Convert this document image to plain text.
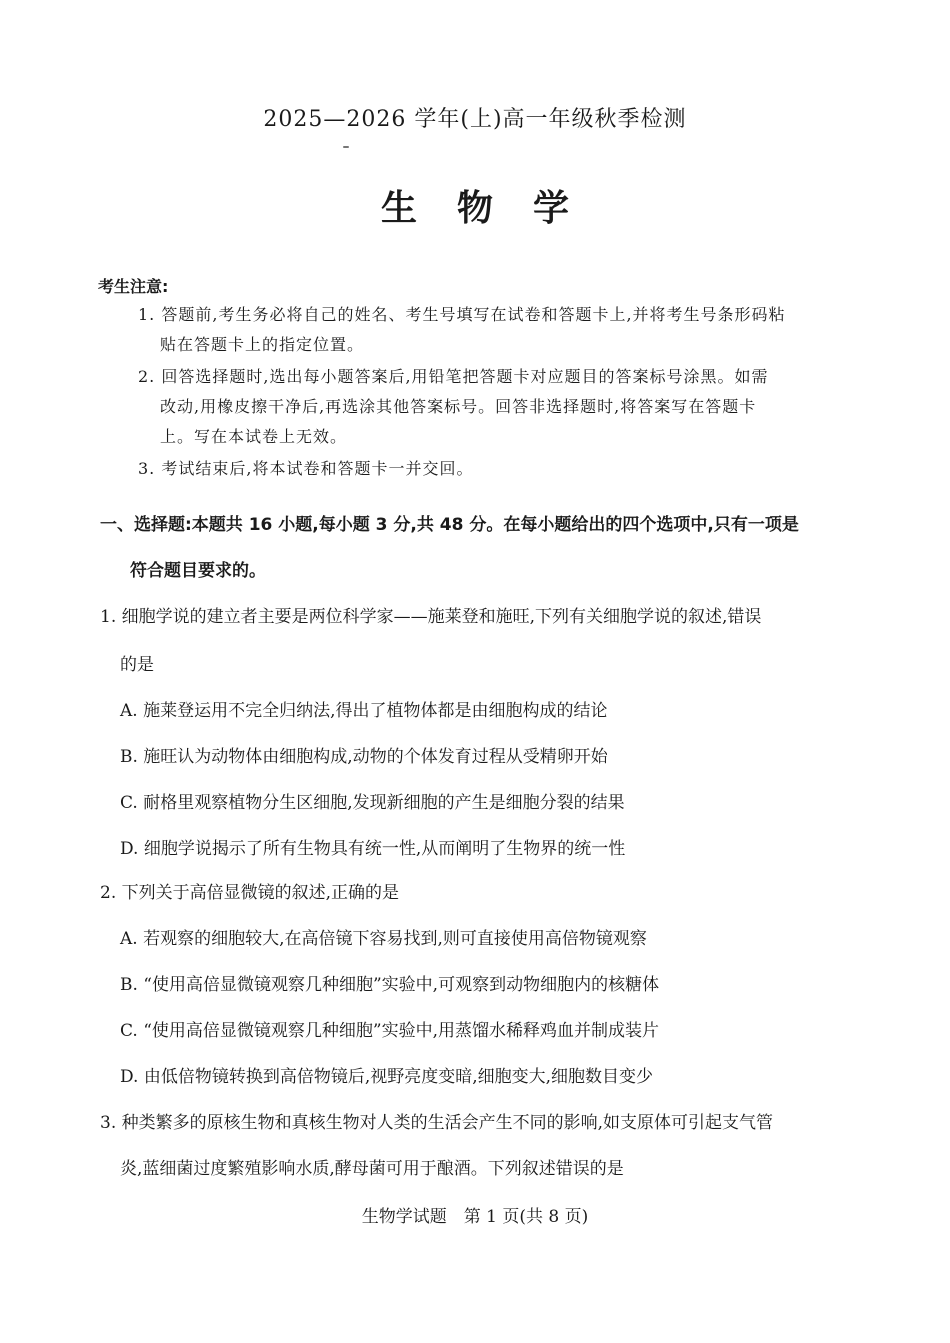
2025—2026 学年(上)高一年级秋季检测
生物学
考生注意:
1. 答题前,考生务必将自己的姓名、考生号填写在试卷和答题卡上,并将考生号条形码粘
贴在答题卡上的指定位置。
2. 回答选择题时,选出每小题答案后,用铅笔把答题卡对应题目的答案标号涂黑。如需
改动,用橡皮擦干净后,再选涂其他答案标号。回答非选择题时,将答案写在答题卡
上。写在本试卷上无效。
3. 考试结束后,将本试卷和答题卡一并交回。
一、选择题:本题共 16 小题,每小题 3 分,共 48 分。在每小题给出的四个选项中,只有一项是
符合题目要求的。
1. 细胞学说的建立者主要是两位科学家——施莱登和施旺,下列有关细胞学说的叙述,错误
的是
A. 施莱登运用不完全归纳法,得出了植物体都是由细胞构成的结论
B. 施旺认为动物体由细胞构成,动物的个体发育过程从受精卵开始
C. 耐格里观察植物分生区细胞,发现新细胞的产生是细胞分裂的结果
D. 细胞学说揭示了所有生物具有统一性,从而阐明了生物界的统一性
2. 下列关于高倍显微镜的叙述,正确的是
A. 若观察的细胞较大,在高倍镜下容易找到,则可直接使用高倍物镜观察
B. “使用高倍显微镜观察几种细胞”实验中,可观察到动物细胞内的核糖体
C. “使用高倍显微镜观察几种细胞”实验中,用蒸馏水稀释鸡血并制成装片
D. 由低倍物镜转换到高倍物镜后,视野亮度变暗,细胞变大,细胞数目变少
3. 种类繁多的原核生物和真核生物对人类的生活会产生不同的影响,如支原体可引起支气管
炎,蓝细菌过度繁殖影响水质,酵母菌可用于酿酒。下列叙述错误的是
生物学试题　第 1 页(共 8 页)
